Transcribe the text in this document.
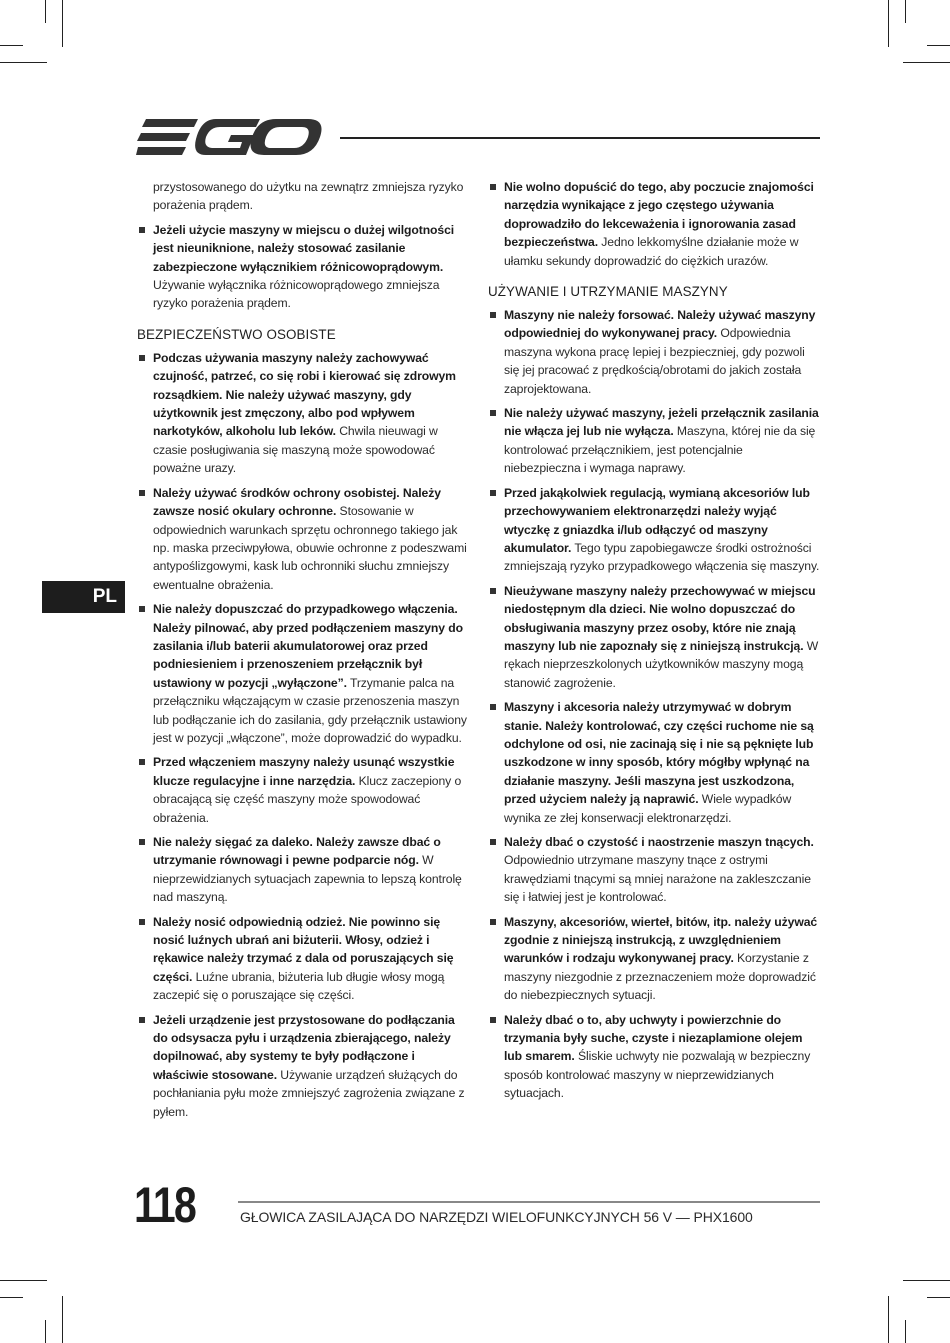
przystosowanego do użytku na zewnątrz zmniejsza ryzyko porażenia prądem.

Jeżeli użycie maszyny w miejscu o dużej wilgotności jest nieuniknione, należy stosować zasilanie zabezpieczone wyłącznikiem różnicowoprądowym. Używanie wyłącznika różnicowoprądowego zmniejsza ryzyko porażenia prądem.

BEZPIECZEŃSTWO OSOBISTE

Podczas używania maszyny należy zachowywać czujność, patrzeć, co się robi i kierować się zdrowym rozsądkiem. Nie należy używać maszyny, gdy użytkownik jest zmęczony, albo pod wpływem narkotyków, alkoholu lub leków. Chwila nieuwagi w czasie posługiwania się maszyną może spowodować poważne urazy.

Należy używać środków ochrony osobistej. Należy zawsze nosić okulary ochronne. Stosowanie w odpowiednich warunkach sprzętu ochronnego takiego jak np. maska przeciwpyłowa, obuwie ochronne z podeszwami antypoślizgowymi, kask lub ochronniki słuchu zmniejszy ewentualne obrażenia.

Nie należy dopuszczać do przypadkowego włączenia. Należy pilnować, aby przed podłączeniem maszyny do zasilania i/lub baterii akumulatorowej oraz przed podniesieniem i przenoszeniem przełącznik był ustawiony w pozycji „wyłączone”. Trzymanie palca na przełączniku włączającym w czasie przenoszenia maszyn lub podłączanie ich do zasilania, gdy przełącznik ustawiony jest w pozycji „włączone”, może doprowadzić do wypadku.

Przed włączeniem maszyny należy usunąć wszystkie klucze regulacyjne i inne narzędzia. Klucz zaczepiony o obracającą się część maszyny może spowodować obrażenia.

Nie należy sięgać za daleko. Należy zawsze dbać o utrzymanie równowagi i pewne podparcie nóg. W nieprzewidzianych sytuacjach zapewnia to lepszą kontrolę nad maszyną.

Należy nosić odpowiednią odzież. Nie powinno się nosić luźnych ubrań ani biżuterii. Włosy, odzież i rękawice należy trzymać z dala od poruszających się części. Luźne ubrania, biżuteria lub długie włosy mogą zaczepić się o poruszające się części.

Jeżeli urządzenie jest przystosowane do podłączania do odsysacza pyłu i urządzenia zbierającego, należy dopilnować, aby systemy te były podłączone i właściwie stosowane. Używanie urządzeń służących do pochłaniania pyłu może zmniejszyć zagrożenia związane z pyłem.

Nie wolno dopuścić do tego, aby poczucie znajomości narzędzia wynikające z jego częstego używania doprowadziło do lekceważenia i ignorowania zasad bezpieczeństwa. Jedno lekkomyślne działanie może w ułamku sekundy doprowadzić do ciężkich urazów.

UŻYWANIE I UTRZYMANIE MASZYNY

Maszyny nie należy forsować. Należy używać maszyny odpowiedniej do wykonywanej pracy. Odpowiednia maszyna wykona pracę lepiej i bezpieczniej, gdy pozwoli się jej pracować z prędkością/obrotami do jakich została zaprojektowana.

Nie należy używać maszyny, jeżeli przełącznik zasilania nie włącza jej lub nie wyłącza. Maszyna, której nie da się kontrolować przełącznikiem, jest potencjalnie niebezpieczna i wymaga naprawy.

Przed jakąkolwiek regulacją, wymianą akcesoriów lub przechowywaniem elektronarzędzi należy wyjąć wtyczkę z gniazdka i/lub odłączyć od maszyny akumulator. Tego typu zapobiegawcze środki ostrożności zmniejszają ryzyko przypadkowego włączenia się maszyny.

Nieużywane maszyny należy przechowywać w miejscu niedostępnym dla dzieci. Nie wolno dopuszczać do obsługiwania maszyny przez osoby, które nie znają maszyny lub nie zapoznały się z niniejszą instrukcją. W rękach nieprzeszkolonych użytkowników maszyny mogą stanowić zagrożenie.

Maszyny i akcesoria należy utrzymywać w dobrym stanie. Należy kontrolować, czy części ruchome nie są odchylone od osi, nie zacinają się i nie są pęknięte lub uszkodzone w inny sposób, który mógłby wpłynąć na działanie maszyny. Jeśli maszyna jest uszkodzona, przed użyciem należy ją naprawić. Wiele wypadków wynika ze złej konserwacji elektronarzędzi.

Należy dbać o czystość i naostrzenie maszyn tnących. Odpowiednio utrzymane maszyny tnące z ostrymi krawędziami tnącymi są mniej narażone na zakleszczanie się i łatwiej jest je kontrolować.

Maszyny, akcesoriów, wierteł, bitów, itp. należy używać zgodnie z niniejszą instrukcją, z uwzględnieniem warunków i rodzaju wykonywanej pracy. Korzystanie z maszyny niezgodnie z przeznaczeniem może doprowadzić do niebezpiecznych sytuacji.

Należy dbać o to, aby uchwyty i powierzchnie do trzymania były suche, czyste i niezaplamione olejem lub smarem. Śliskie uchwyty nie pozwalają w bezpieczny sposób kontrolować maszyny w nieprzewidzianych sytuacjach.

PL
118	GŁOWICA ZASILAJĄCA DO NARZĘDZI WIELOFUNKCYJNYCH 56 V — PHX1600
